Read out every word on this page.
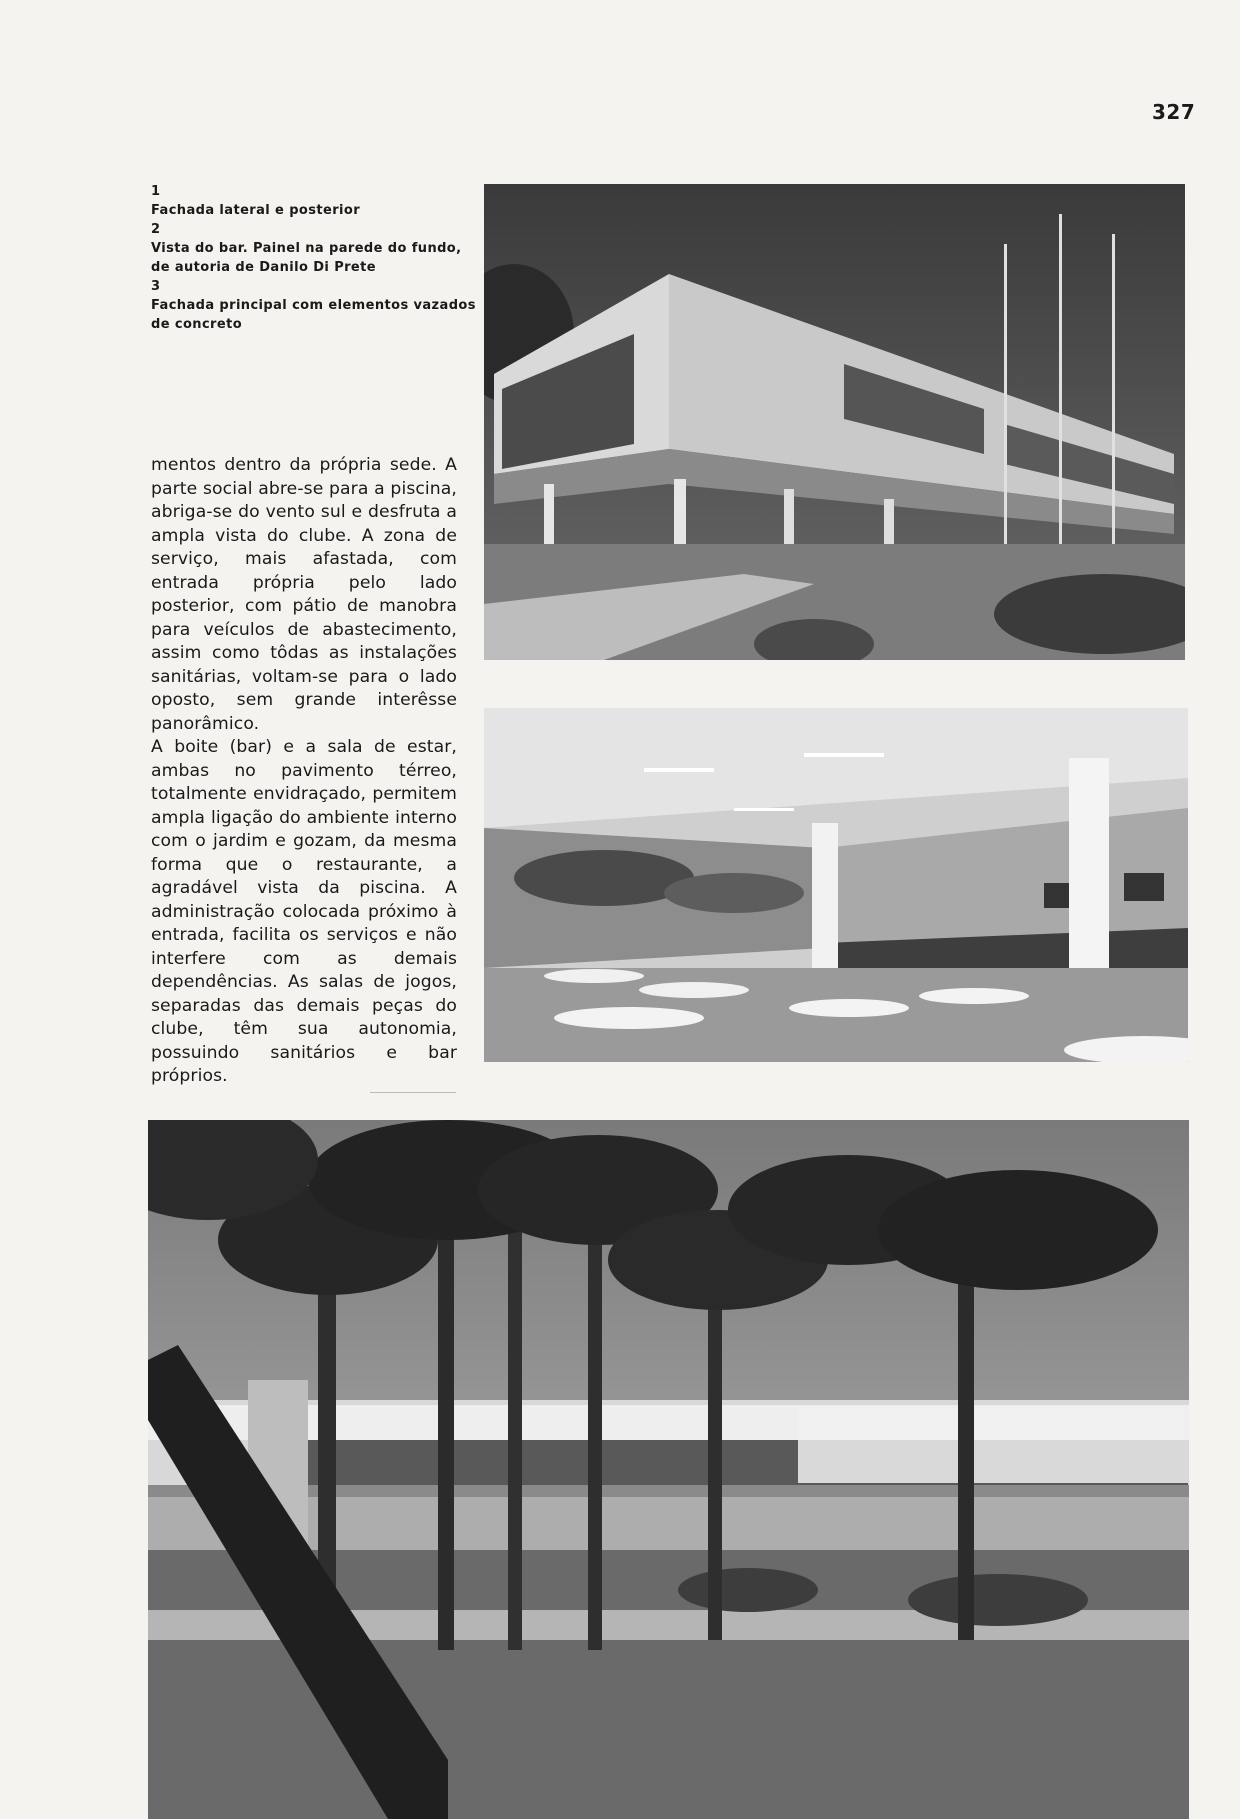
327
1
Fachada lateral e posterior
2
Vista do bar. Painel na parede do fundo,
de autoria de Danilo Di Prete
3
Fachada principal com elementos vazados
de concreto

mentos dentro da própria sede. A parte social abre-se para a piscina, abriga-se do vento sul e desfruta a ampla vista do clube. A zona de serviço, mais afastada, com entrada própria pelo lado posterior, com pátio de manobra para veículos de abastecimento, assim como tôdas as instalações sanitárias, voltam-se para o lado oposto, sem grande interêsse panorâmico.

A boite (bar) e a sala de estar, ambas no pavimento térreo, totalmente envidraçado, permitem ampla ligação do ambiente interno com o jardim e gozam, da mesma forma que o restaurante, a agradável vista da piscina. A administração colocada próximo à entrada, facilita os serviços e não interfere com as demais dependências. As salas de jogos, separadas das demais peças do clube, têm sua autonomia, possuindo sanitários e bar próprios.
